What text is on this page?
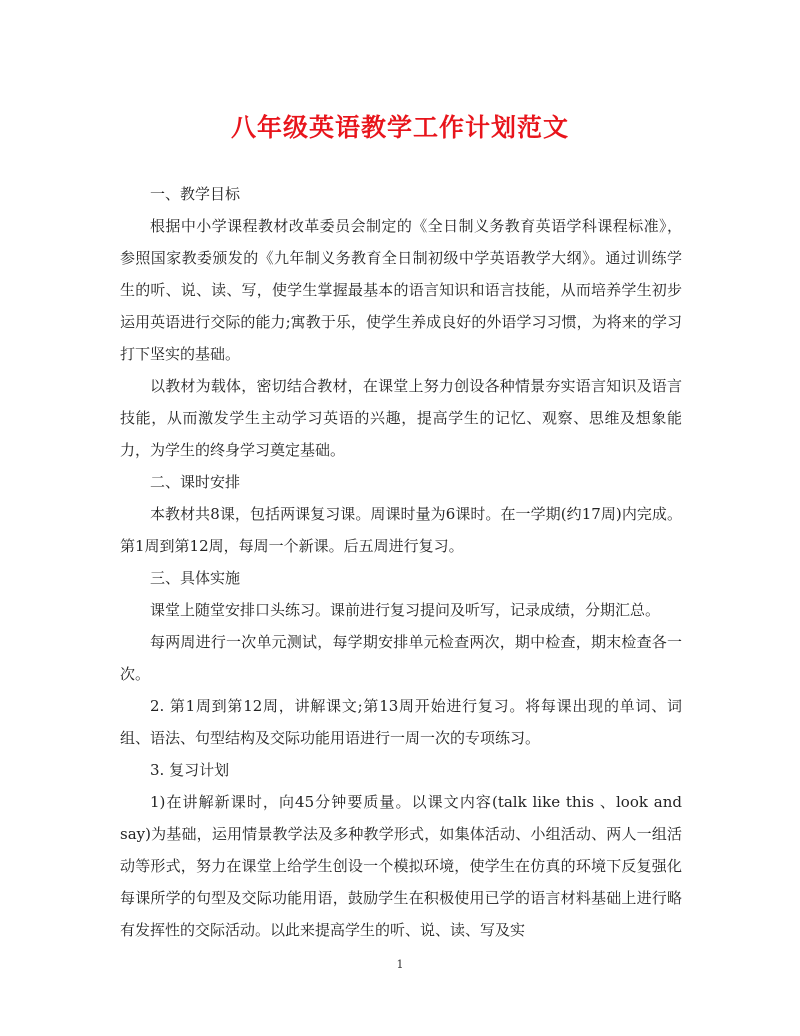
八年级英语教学工作计划范文

一、教学目标

根据中小学课程教材改革委员会制定的《全日制义务教育英语学科课程标准》，参照国家教委颁发的《九年制义务教育全日制初级中学英语教学大纲》。通过训练学生的听、说、读、写，使学生掌握最基本的语言知识和语言技能，从而培养学生初步运用英语进行交际的能力;寓教于乐，使学生养成良好的外语学习习惯，为将来的学习打下坚实的基础。

以教材为载体，密切结合教材，在课堂上努力创设各种情景夯实语言知识及语言技能，从而激发学生主动学习英语的兴趣，提高学生的记忆、观察、思维及想象能力，为学生的终身学习奠定基础。

二、课时安排

本教材共8课，包括两课复习课。周课时量为6课时。在一学期(约17周)内完成。第1周到第12周，每周一个新课。后五周进行复习。

三、具体实施

课堂上随堂安排口头练习。课前进行复习提问及听写，记录成绩，分期汇总。

每两周进行一次单元测试，每学期安排单元检查两次，期中检查，期末检查各一次。

2. 第1周到第12周，讲解课文;第13周开始进行复习。将每课出现的单词、词组、语法、句型结构及交际功能用语进行一周一次的专项练习。

3. 复习计划

1)在讲解新课时，向45分钟要质量。以课文内容(talk like this 、look and say)为基础，运用情景教学法及多种教学形式，如集体活动、小组活动、两人一组活动等形式，努力在课堂上给学生创设一个模拟环境，使学生在仿真的环境下反复强化每课所学的句型及交际功能用语，鼓励学生在积极使用已学的语言材料基础上进行略有发挥性的交际活动。以此来提高学生的听、说、读、写及实

1
